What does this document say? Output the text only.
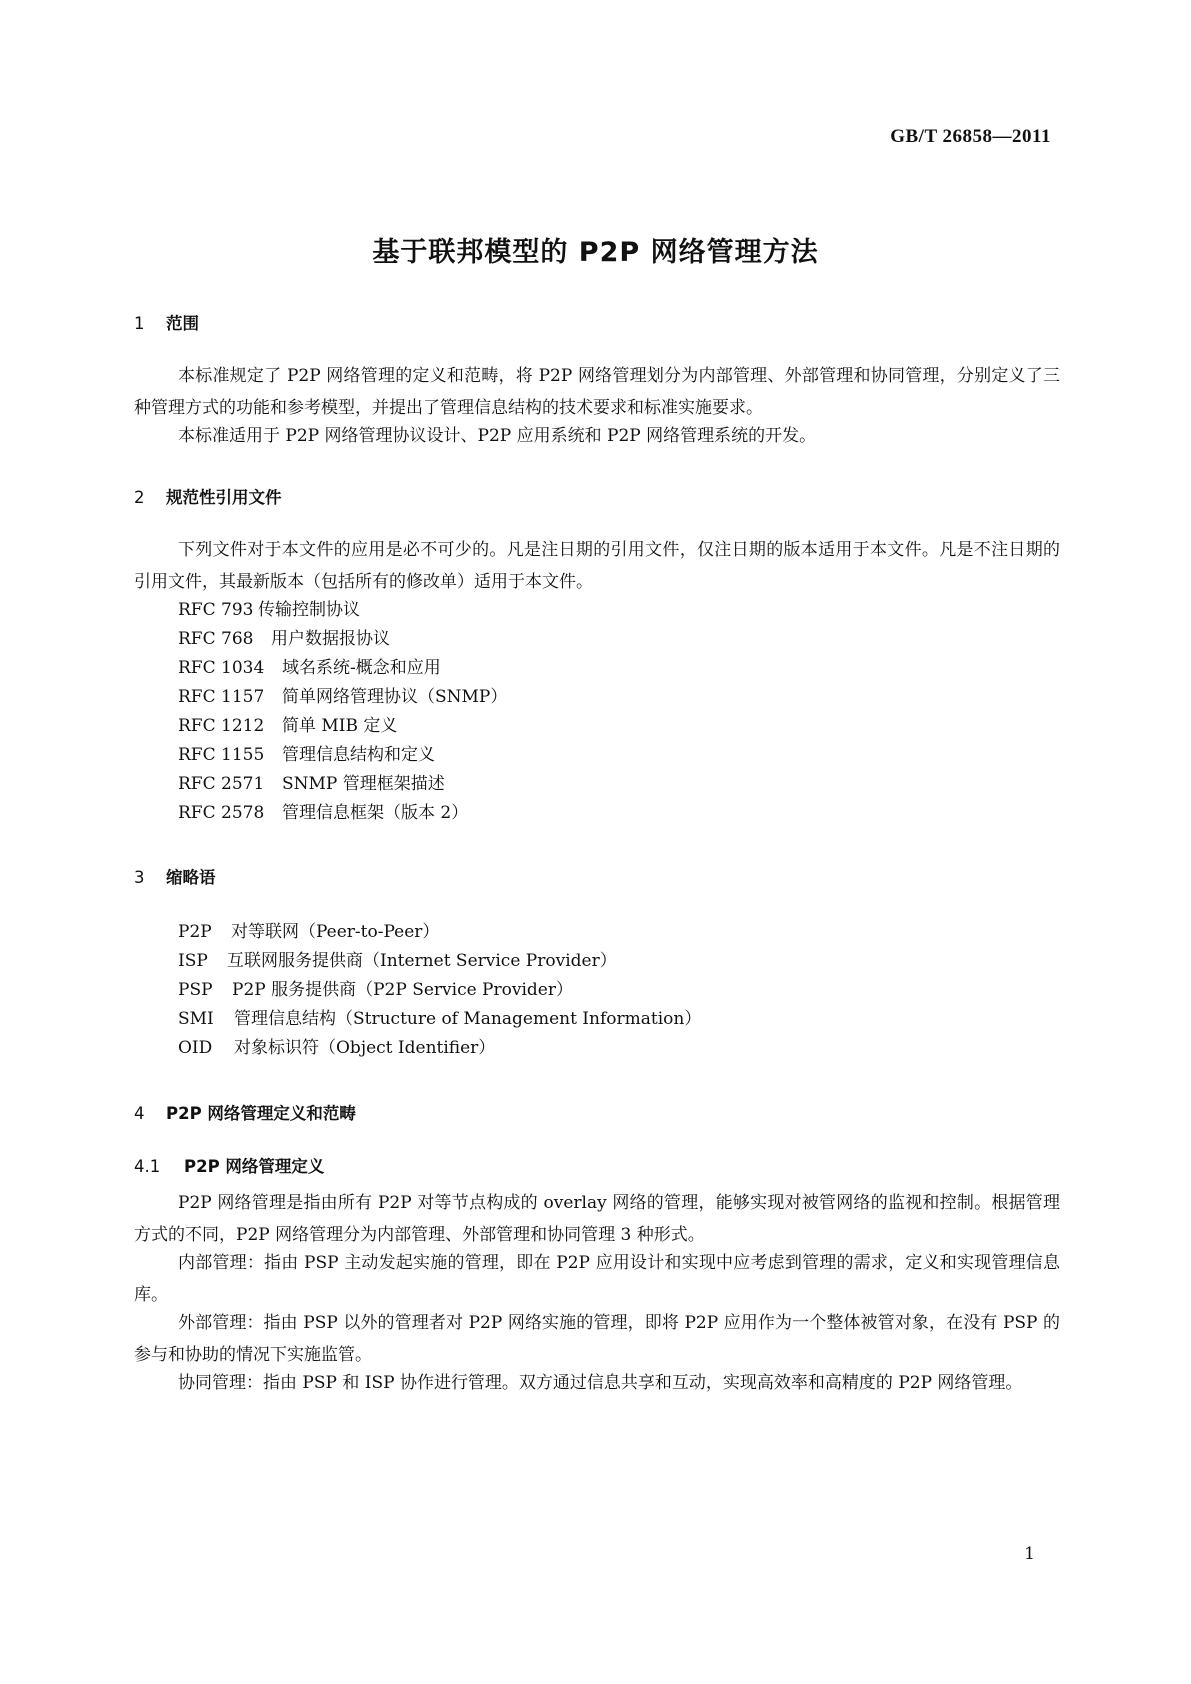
GB/T 26858—2011
基于联邦模型的 P2P 网络管理方法
1 范围

本标准规定了 P2P 网络管理的定义和范畴，将 P2P 网络管理划分为内部管理、外部管理和协同管理，分别定义了三种管理方式的功能和参考模型，并提出了管理信息结构的技术要求和标准实施要求。

本标准适用于 P2P 网络管理协议设计、P2P 应用系统和 P2P 网络管理系统的开发。

2 规范性引用文件

下列文件对于本文件的应用是必不可少的。凡是注日期的引用文件，仅注日期的版本适用于本文件。凡是不注日期的引用文件，其最新版本（包括所有的修改单）适用于本文件。

RFC 793 传输控制协议
RFC 768 用户数据报协议
RFC 1034 域名系统-概念和应用
RFC 1157 简单网络管理协议（SNMP）
RFC 1212 简单 MIB 定义
RFC 1155 管理信息结构和定义
RFC 2571 SNMP 管理框架描述
RFC 2578 管理信息框架（版本 2）
3 缩略语
P2P 对等联网（Peer-to-Peer）
ISP 互联网服务提供商（Internet Service Provider）
PSP P2P 服务提供商（P2P Service Provider）
SMI 管理信息结构（Structure of Management Information）
OID 对象标识符（Object Identifier）
4 P2P 网络管理定义和范畴
4.1 P2P 网络管理定义

P2P 网络管理是指由所有 P2P 对等节点构成的 overlay 网络的管理，能够实现对被管网络的监视和控制。根据管理方式的不同，P2P 网络管理分为内部管理、外部管理和协同管理 3 种形式。

内部管理：指由 PSP 主动发起实施的管理，即在 P2P 应用设计和实现中应考虑到管理的需求，定义和实现管理信息库。

外部管理：指由 PSP 以外的管理者对 P2P 网络实施的管理，即将 P2P 应用作为一个整体被管对象，在没有 PSP 的参与和协助的情况下实施监管。

协同管理：指由 PSP 和 ISP 协作进行管理。双方通过信息共享和互动，实现高效率和高精度的 P2P 网络管理。

1
